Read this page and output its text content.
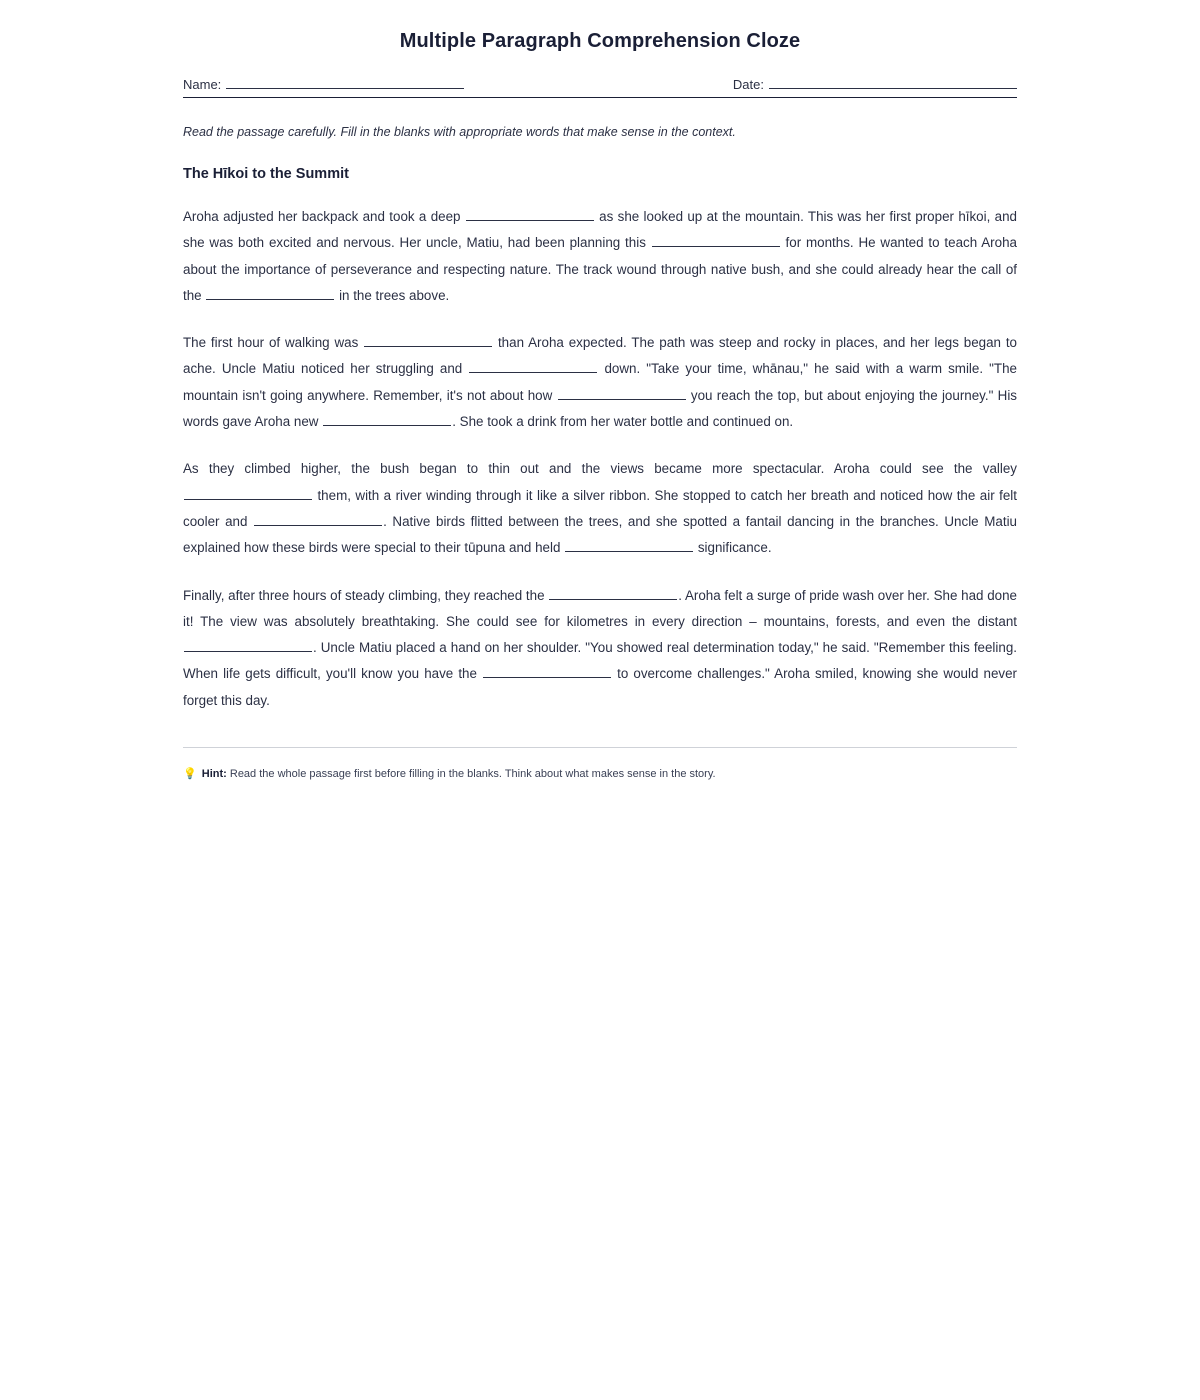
Multiple Paragraph Comprehension Cloze
Name:	Date:

Read the passage carefully. Fill in the blanks with appropriate words that make sense in the context.

The Hīkoi to the Summit

Aroha adjusted her backpack and took a deep	as she looked up at the mountain. This was her first proper hīkoi, and she was both excited and nervous. Her uncle, Matiu, had been planning this	for months. He wanted to teach Aroha about the importance of perseverance and respecting nature. The track wound through native bush, and she could already hear the call of the	in the trees above.

The first hour of walking was	than Aroha expected. The path was steep and rocky in places, and her legs began to ache. Uncle Matiu noticed her struggling and	down. "Take your time, whānau," he said with a warm smile. "The mountain isn't going anywhere. Remember, it's not about how	you reach the top, but about enjoying the journey." His words gave Aroha new	. She took a drink from her water bottle and continued on.

As they climbed higher, the bush began to thin out and the views became more spectacular. Aroha could see the valley  them, with a river winding through it like a silver ribbon. She stopped to catch her breath and noticed how the air felt cooler and	. Native birds flitted between the trees, and she spotted a fantail dancing in the branches. Uncle Matiu explained how these birds were special to their tūpuna and held	significance.

Finally, after three hours of steady climbing, they reached the	. Aroha felt a surge of pride wash over her. She had done it! The view was absolutely breathtaking. She could see for kilometres in every direction – mountains, forests, and even the distant . Uncle Matiu placed a hand on her shoulder. "You showed real determination today," he said. "Remember this feeling. When life gets difficult, you'll know you have the	to overcome challenges." Aroha smiled, knowing she would never forget this day.

💡 Hint: Read the whole passage first before filling in the blanks. Think about what makes sense in the story.
